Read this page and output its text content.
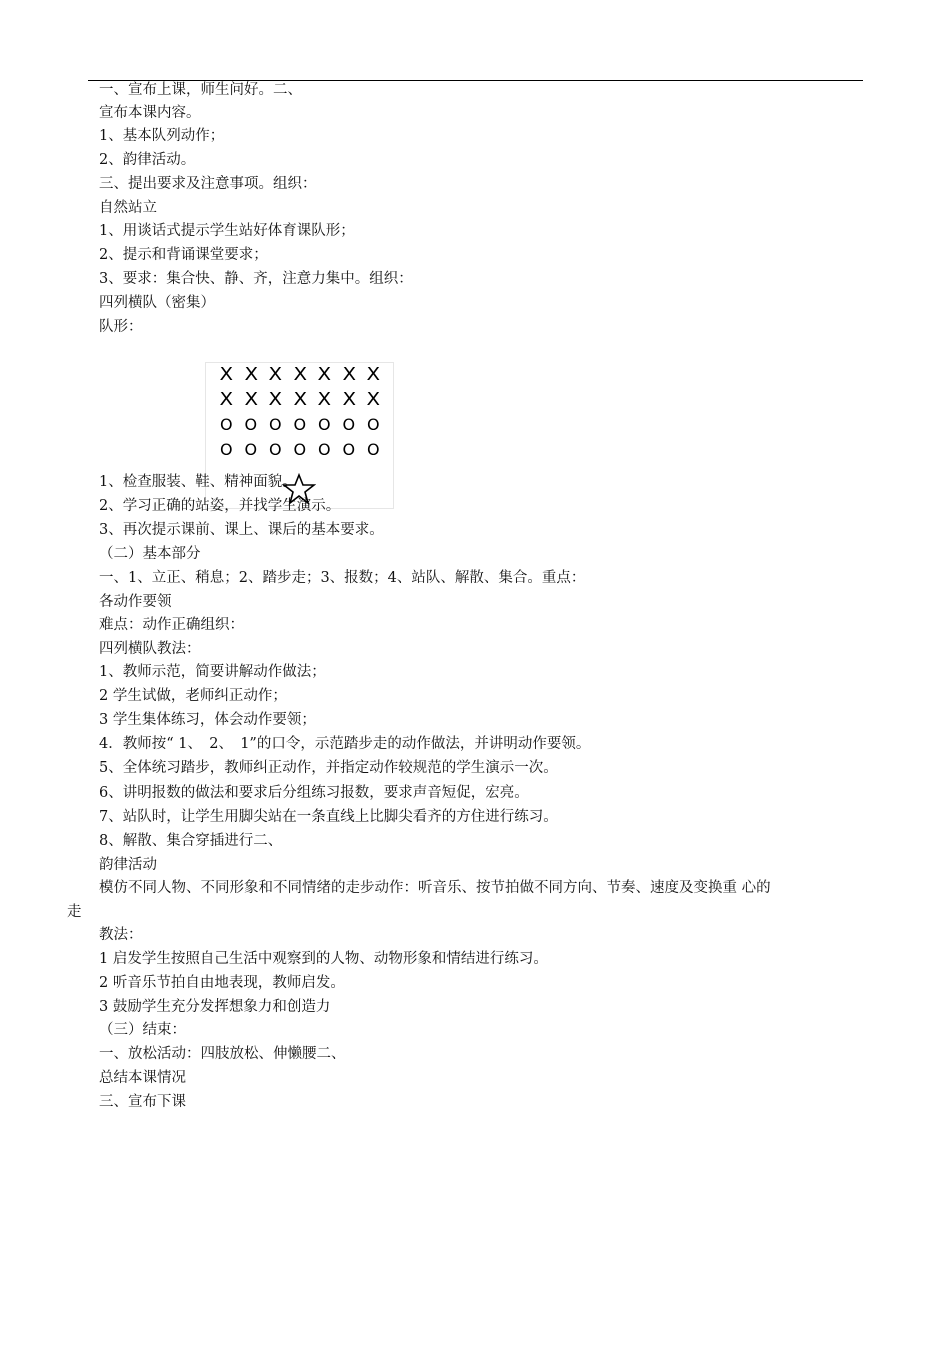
一、宣布上课，师生问好。二、
宣布本课内容。
1、基本队列动作；
2、韵律活动。
三、提出要求及注意事项。组织：
自然站立
1、用谈话式提示学生站好体育课队形；
2、提示和背诵课堂要求；
3、要求：集合快、静、齐，注意力集中。组织：
四列横队（密集）
队形：
X X X X X X X
X X X X X X X
O O O O O O O
O O O O O O O
1、检查服装、鞋、精神面貌。
2、学习正确的站姿，并找学生演示。
3、再次提示课前、课上、课后的基本要求。
（二）基本部分
一、1、立正、稍息；2、踏步走；3、报数；4、站队、解散、集合。重点：
各动作要领
难点：动作正确组织：
四列横队教法：
1、教师示范，简要讲解动作做法；
2 学生试做，老师纠正动作；
3 学生集体练习，体会动作要领；
4．教师按“ 1、　2、　1”的口令，示范踏步走的动作做法，并讲明动作要领。
5、全体统习踏步，教师纠正动作，并指定动作较规范的学生演示一次。
6、讲明报数的做法和要求后分组练习报数，要求声音短促，宏亮。
7、站队时，让学生用脚尖站在一条直线上比脚尖看齐的方住进行练习。
8、解散、集合穿插进行二、
韵律活动
模仿不同人物、不同形象和不同情绪的走步动作：听音乐、按节拍做不同方向、节奏、速度及变换重 心的
走
教法：
1 启发学生按照自己生活中观察到的人物、动物形象和情结进行练习。
2 听音乐节拍自由地表现，教师启发。
3 鼓励学生充分发挥想象力和创造力
（三）结束：
一、放松活动：四肢放松、伸懒腰二、
总结本课情况
三、宣布下课
